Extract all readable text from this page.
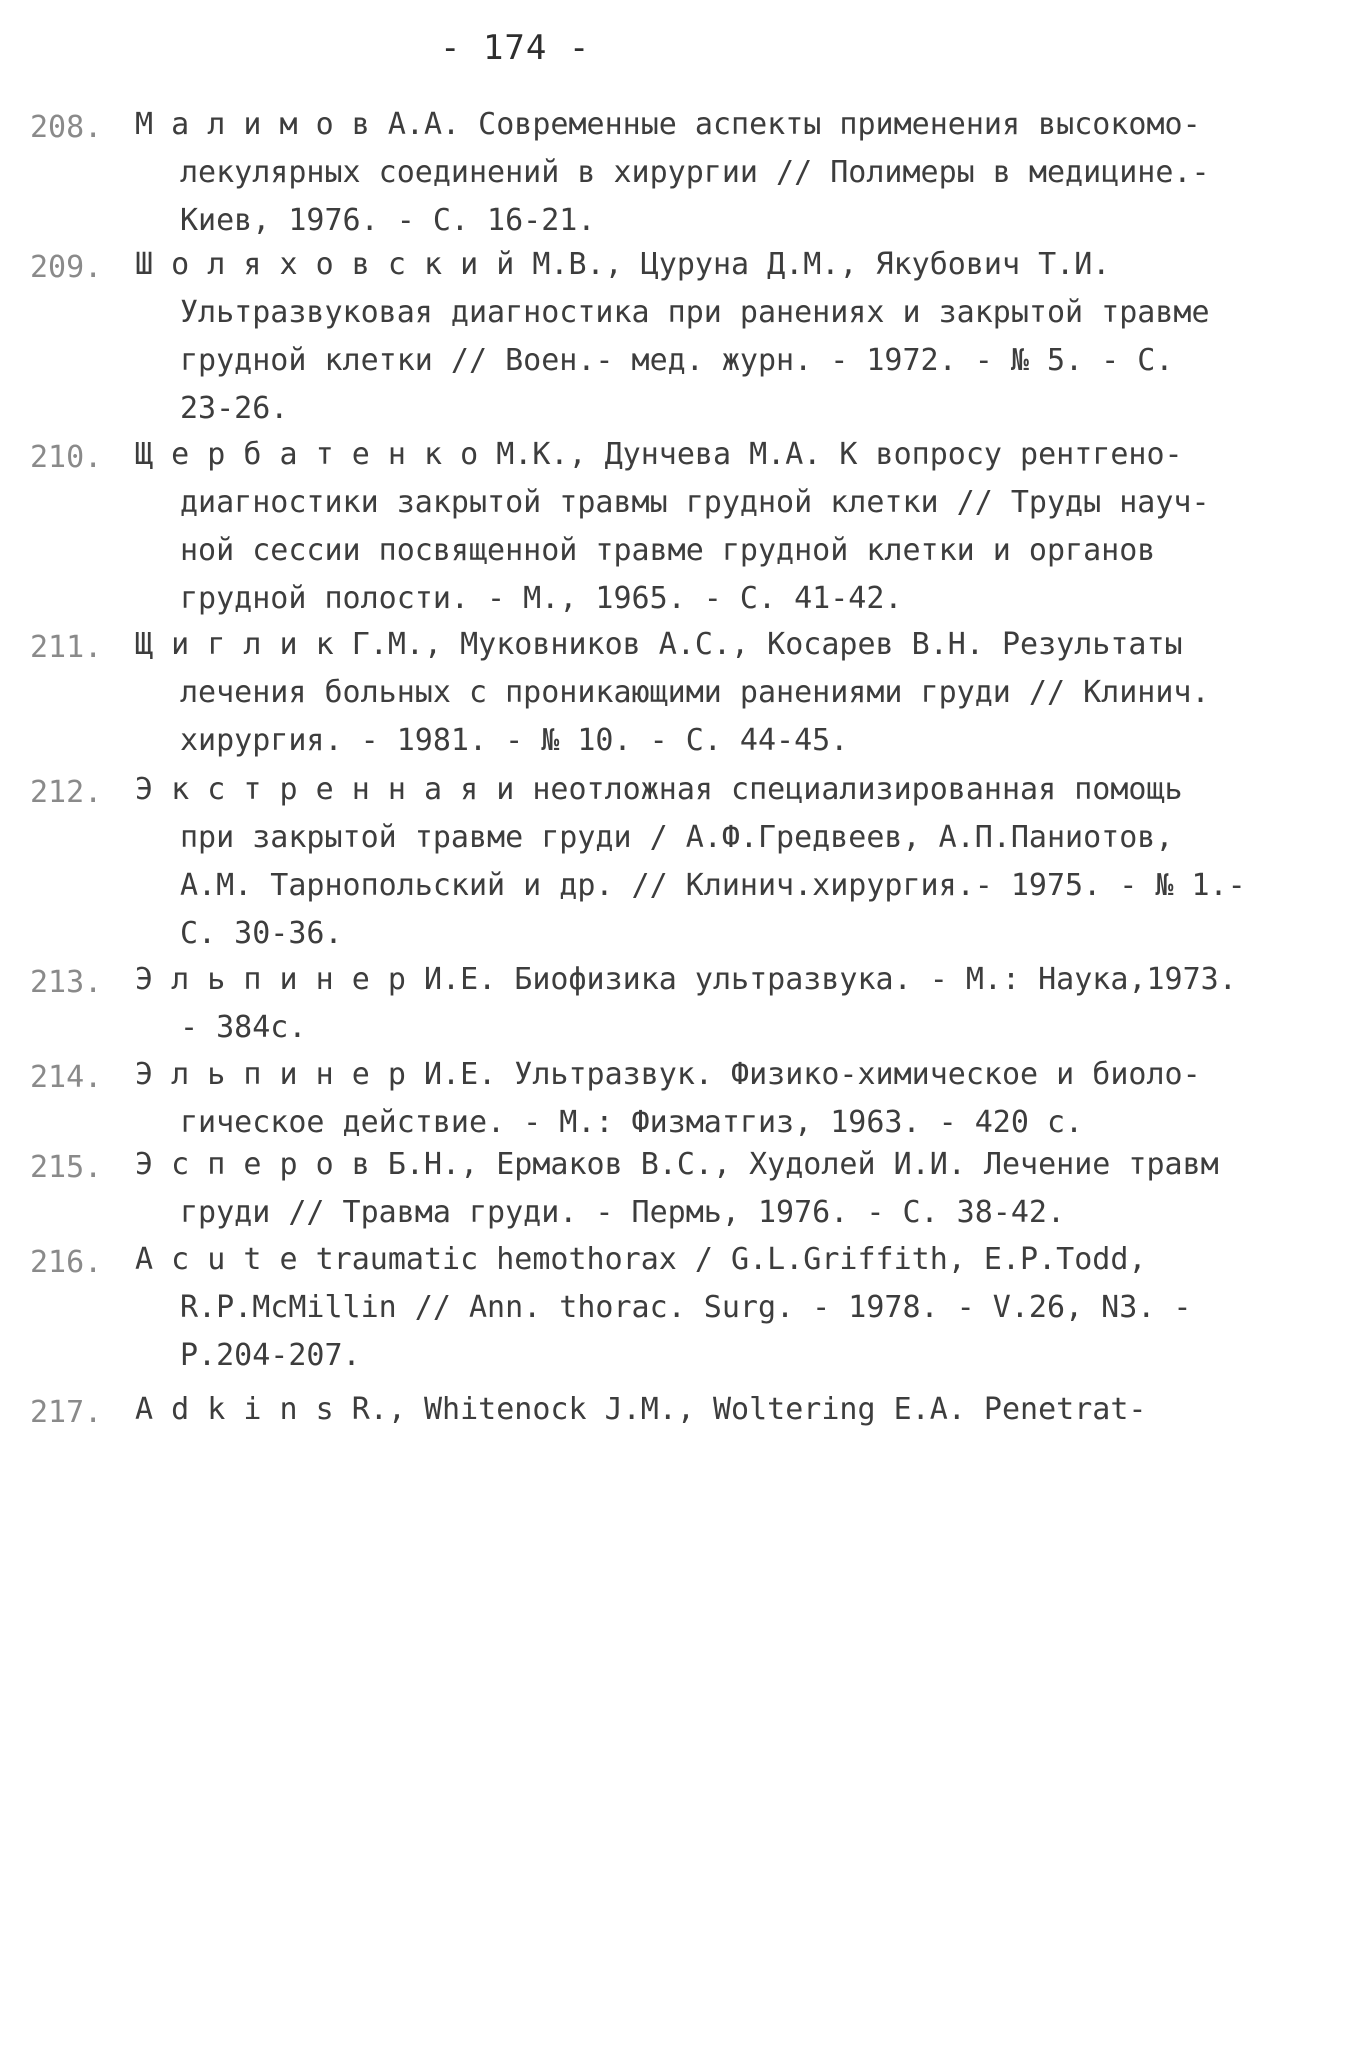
- 174 -
208. М а л и м о в А.А. Современные аспекты применения высокомо-
лекулярных соединений в хирургии // Полимеры в медицине.-
Киев, 1976. - С. 16-21.
209. Ш о л я х о в с к и й М.В., Цуруна Д.М., Якубович Т.И.
Ультразвуковая диагностика при ранениях и закрытой травме
грудной клетки // Воен.- мед. журн. - 1972. - № 5. - С.
23-26.
210. Щ е р б а т е н к о М.К., Дунчева М.А. К вопросу рентгено-
диагностики закрытой травмы грудной клетки // Труды науч-
ной сессии посвященной травме грудной клетки и органов
грудной полости. - М., 1965. - С. 41-42.
211. Щ и г л и к Г.М., Муковников А.С., Косарев В.Н. Результаты
лечения больных с проникающими ранениями груди // Клинич.
хирургия. - 1981. - № 10. - С. 44-45.
212. Э к с т р е н н а я и неотложная специализированная помощь
при закрытой травме груди / А.Ф.Гредвеев, А.П.Паниотов,
А.М. Тарнопольский и др. // Клинич.хирургия.- 1975. - № 1.-
С. 30-36.
213. Э л ь п и н е р И.Е. Биофизика ультразвука. - М.: Наука,1973.
- 384с.
214. Э л ь п и н е р И.Е. Ультразвук. Физико-химическое и биоло-
гическое действие. - М.: Физматгиз, 1963. - 420 с.
215. Э с п е р о в Б.Н., Ермаков В.С., Худолей И.И. Лечение травм
груди // Травма груди. - Пермь, 1976. - С. 38-42.
216. A c u t e traumatic hemothorax / G.L.Griffith, E.P.Todd,
R.P.McMillin // Ann. thorac. Surg. - 1978. - V.26, N3. -
P.204-207.
217. A d k i n s R., Whitenock J.M., Woltering E.A. Penetrat-
